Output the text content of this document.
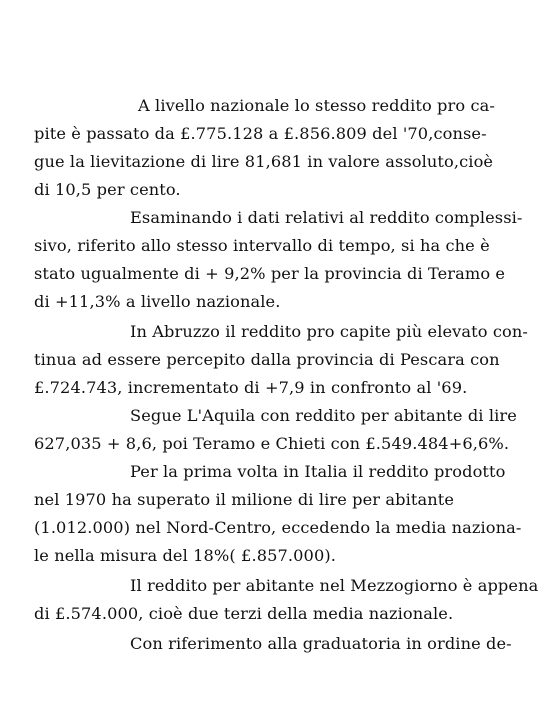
A livello nazionale lo stesso reddito pro ca-
pite è passato da £.775.128 a £.856.809 del '70,conse-
gue la lievitazione di lire 81,681 in valore assoluto,cioè
di 10,5 per cento.
Esaminando i dati relativi al reddito complessi-
sivo, riferito allo stesso intervallo di tempo, si ha che è
stato ugualmente di + 9,2% per la provincia di Teramo e
di +11,3% a livello nazionale.
In Abruzzo il reddito pro capite più elevato con-
tinua ad essere percepito dalla provincia di Pescara con
£.724.743, incrementato di +7,9 in confronto al '69.
Segue L'Aquila con reddito per abitante di lire
627,035 + 8,6, poi Teramo e Chieti con £.549.484+6,6%.
Per la prima volta in Italia il reddito prodotto
nel 1970 ha superato il milione di lire per abitante
(1.012.000) nel Nord-Centro, eccedendo la media naziona-
le nella misura del 18%( £.857.000).
Il reddito per abitante nel Mezzogiorno è appena
di £.574.000, cioè due terzi della media nazionale.
Con riferimento alla graduatoria in ordine de-
